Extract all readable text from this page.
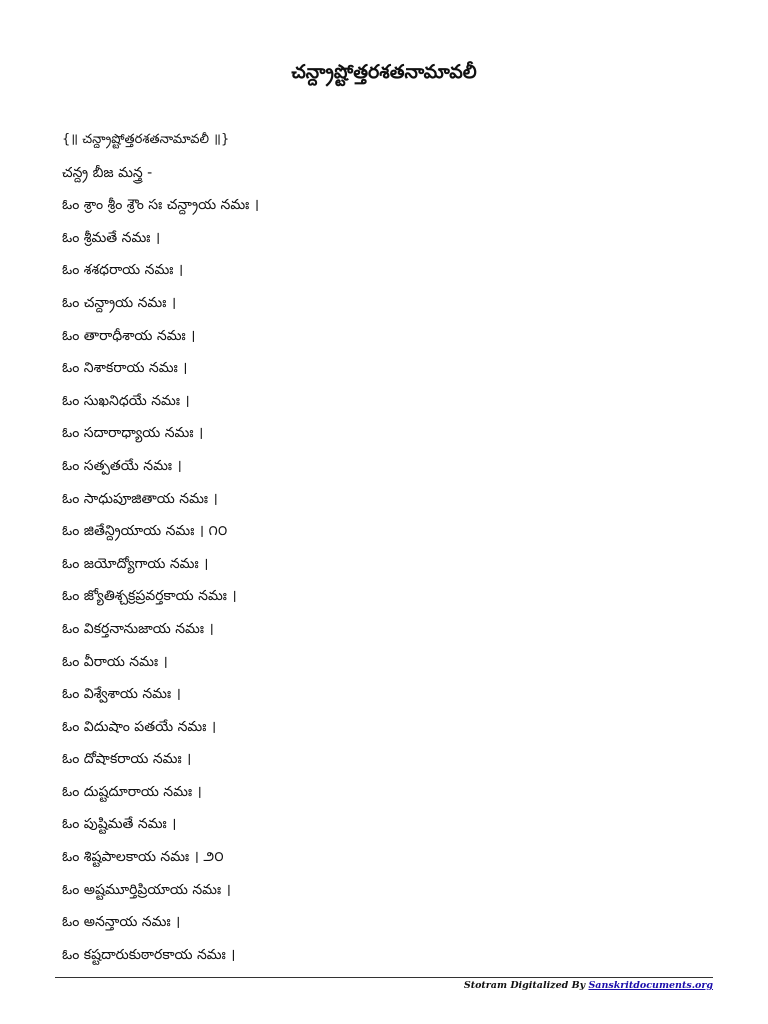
చన్ద్రాష్టోత్తరశతనామావలీ
{॥ చన్ద్రాష్టోత్తరశతనామావలీ ॥}
చన్ద్ర బీజ మన్త్ర -
ఓం శ్రాం శ్రీం శ్రౌం సః చన్ద్రాయ నమః ।
ఓం శ్రీమతే నమః ।
ఓం శశధరాయ నమః ।
ఓం చన్ద్రాయ నమః ।
ఓం తారాధీశాయ నమః ।
ఓం నిశాకరాయ నమః ।
ఓం సుఖనిధయే నమః ।
ఓం సదారాధ్యాయ నమః ।
ఓం సత్పతయే నమః ।
ఓం సాధుపూజితాయ నమః ।
ఓం జితేన్ద్రియాయ నమః । ౧౦
ఓం జయోద్యోగాయ నమః ।
ఓం జ్యోతిశ్చక్రప్రవర్తకాయ నమః ।
ఓం వికర్తనానుజాయ నమః ।
ఓం వీరాయ నమః ।
ఓం విశ్వేశాయ నమః ।
ఓం విదుషాం పతయే నమః ।
ఓం దోషాకరాయ నమః ।
ఓం దుష్టదూరాయ నమః ।
ఓం పుష్టిమతే నమః ।
ఓం శిష్టపాలకాయ నమః । ౨౦
ఓం అష్టమూర్తిప్రియాయ నమః ।
ఓం అనన్తాయ నమః ।
ఓం కష్టదారుకుఠారకాయ నమః ।
Stotram Digitalized By Sanskritdocuments.org
